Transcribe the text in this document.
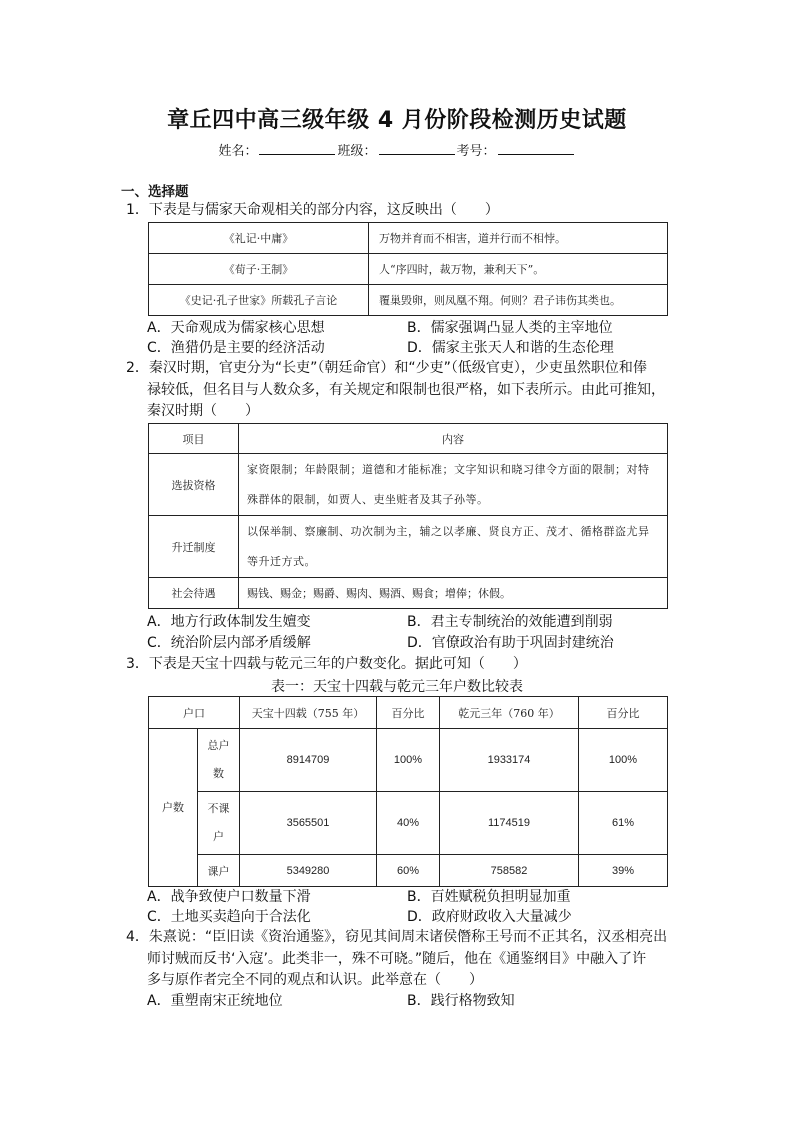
章丘四中高三级年级 4 月份阶段检测历史试题
姓名：	班级：	考号：
一、选择题
1．下表是与儒家天命观相关的部分内容，这反映出（　　）
《礼记·中庸》	万物并育而不相害，道并行而不相悖。
《荀子·王制》	人“序四时，裁万物，兼利天下”。
《史记·孔子世家》所载孔子言论	覆巢毁卵，则凤凰不翔。何则？君子讳伤其类也。
A．天命观成为儒家核心思想	B．儒家强调凸显人类的主宰地位
C．渔猎仍是主要的经济活动	D．儒家主张天人和谐的生态伦理
2．秦汉时期，官吏分为“长吏”（朝廷命官）和“少吏”（低级官吏），少吏虽然职位和俸
禄较低，但名目与人数众多，有关规定和限制也很严格，如下表所示。由此可推知，
秦汉时期（　　）
项目	内容
选拔资格	家资限制；年龄限制；道德和才能标准；文字知识和晓习律令方面的限制；对特殊群体的限制，如贾人、吏坐赃者及其子孙等。
升迁制度	以保举制、察廉制、功次制为主，辅之以孝廉、贤良方正、茂才、循格群盗尤异等升迁方式。
社会待遇	赐钱、赐金；赐爵、赐肉、赐酒、赐食；增俸；休假。
A．地方行政体制发生嬗变	B．君主专制统治的效能遭到削弱
C．统治阶层内部矛盾缓解	D．官僚政治有助于巩固封建统治
3．下表是天宝十四载与乾元三年的户数变化。据此可知（　　）
表一：天宝十四载与乾元三年户数比较表
户口		天宝十四载（755 年）	百分比	乾元三年（760 年）	百分比
户数	总户数	8914709	100%	1933174	100%
	不课户	3565501	40%	1174519	61%
	课户	5349280	60%	758582	39%
A．战争致使户口数量下滑	B．百姓赋税负担明显加重
C．土地买卖趋向于合法化	D．政府财政收入大量减少
4．朱熹说：“臣旧读《资治通鉴》，窃见其间周末诸侯僭称王号而不正其名，汉丞相亮出
师讨贼而反书‘入寇’。此类非一，殊不可晓。”随后，他在《通鉴纲目》中融入了许
多与原作者完全不同的观点和认识。此举意在（　　）
A．重塑南宋正统地位	B．践行格物致知
